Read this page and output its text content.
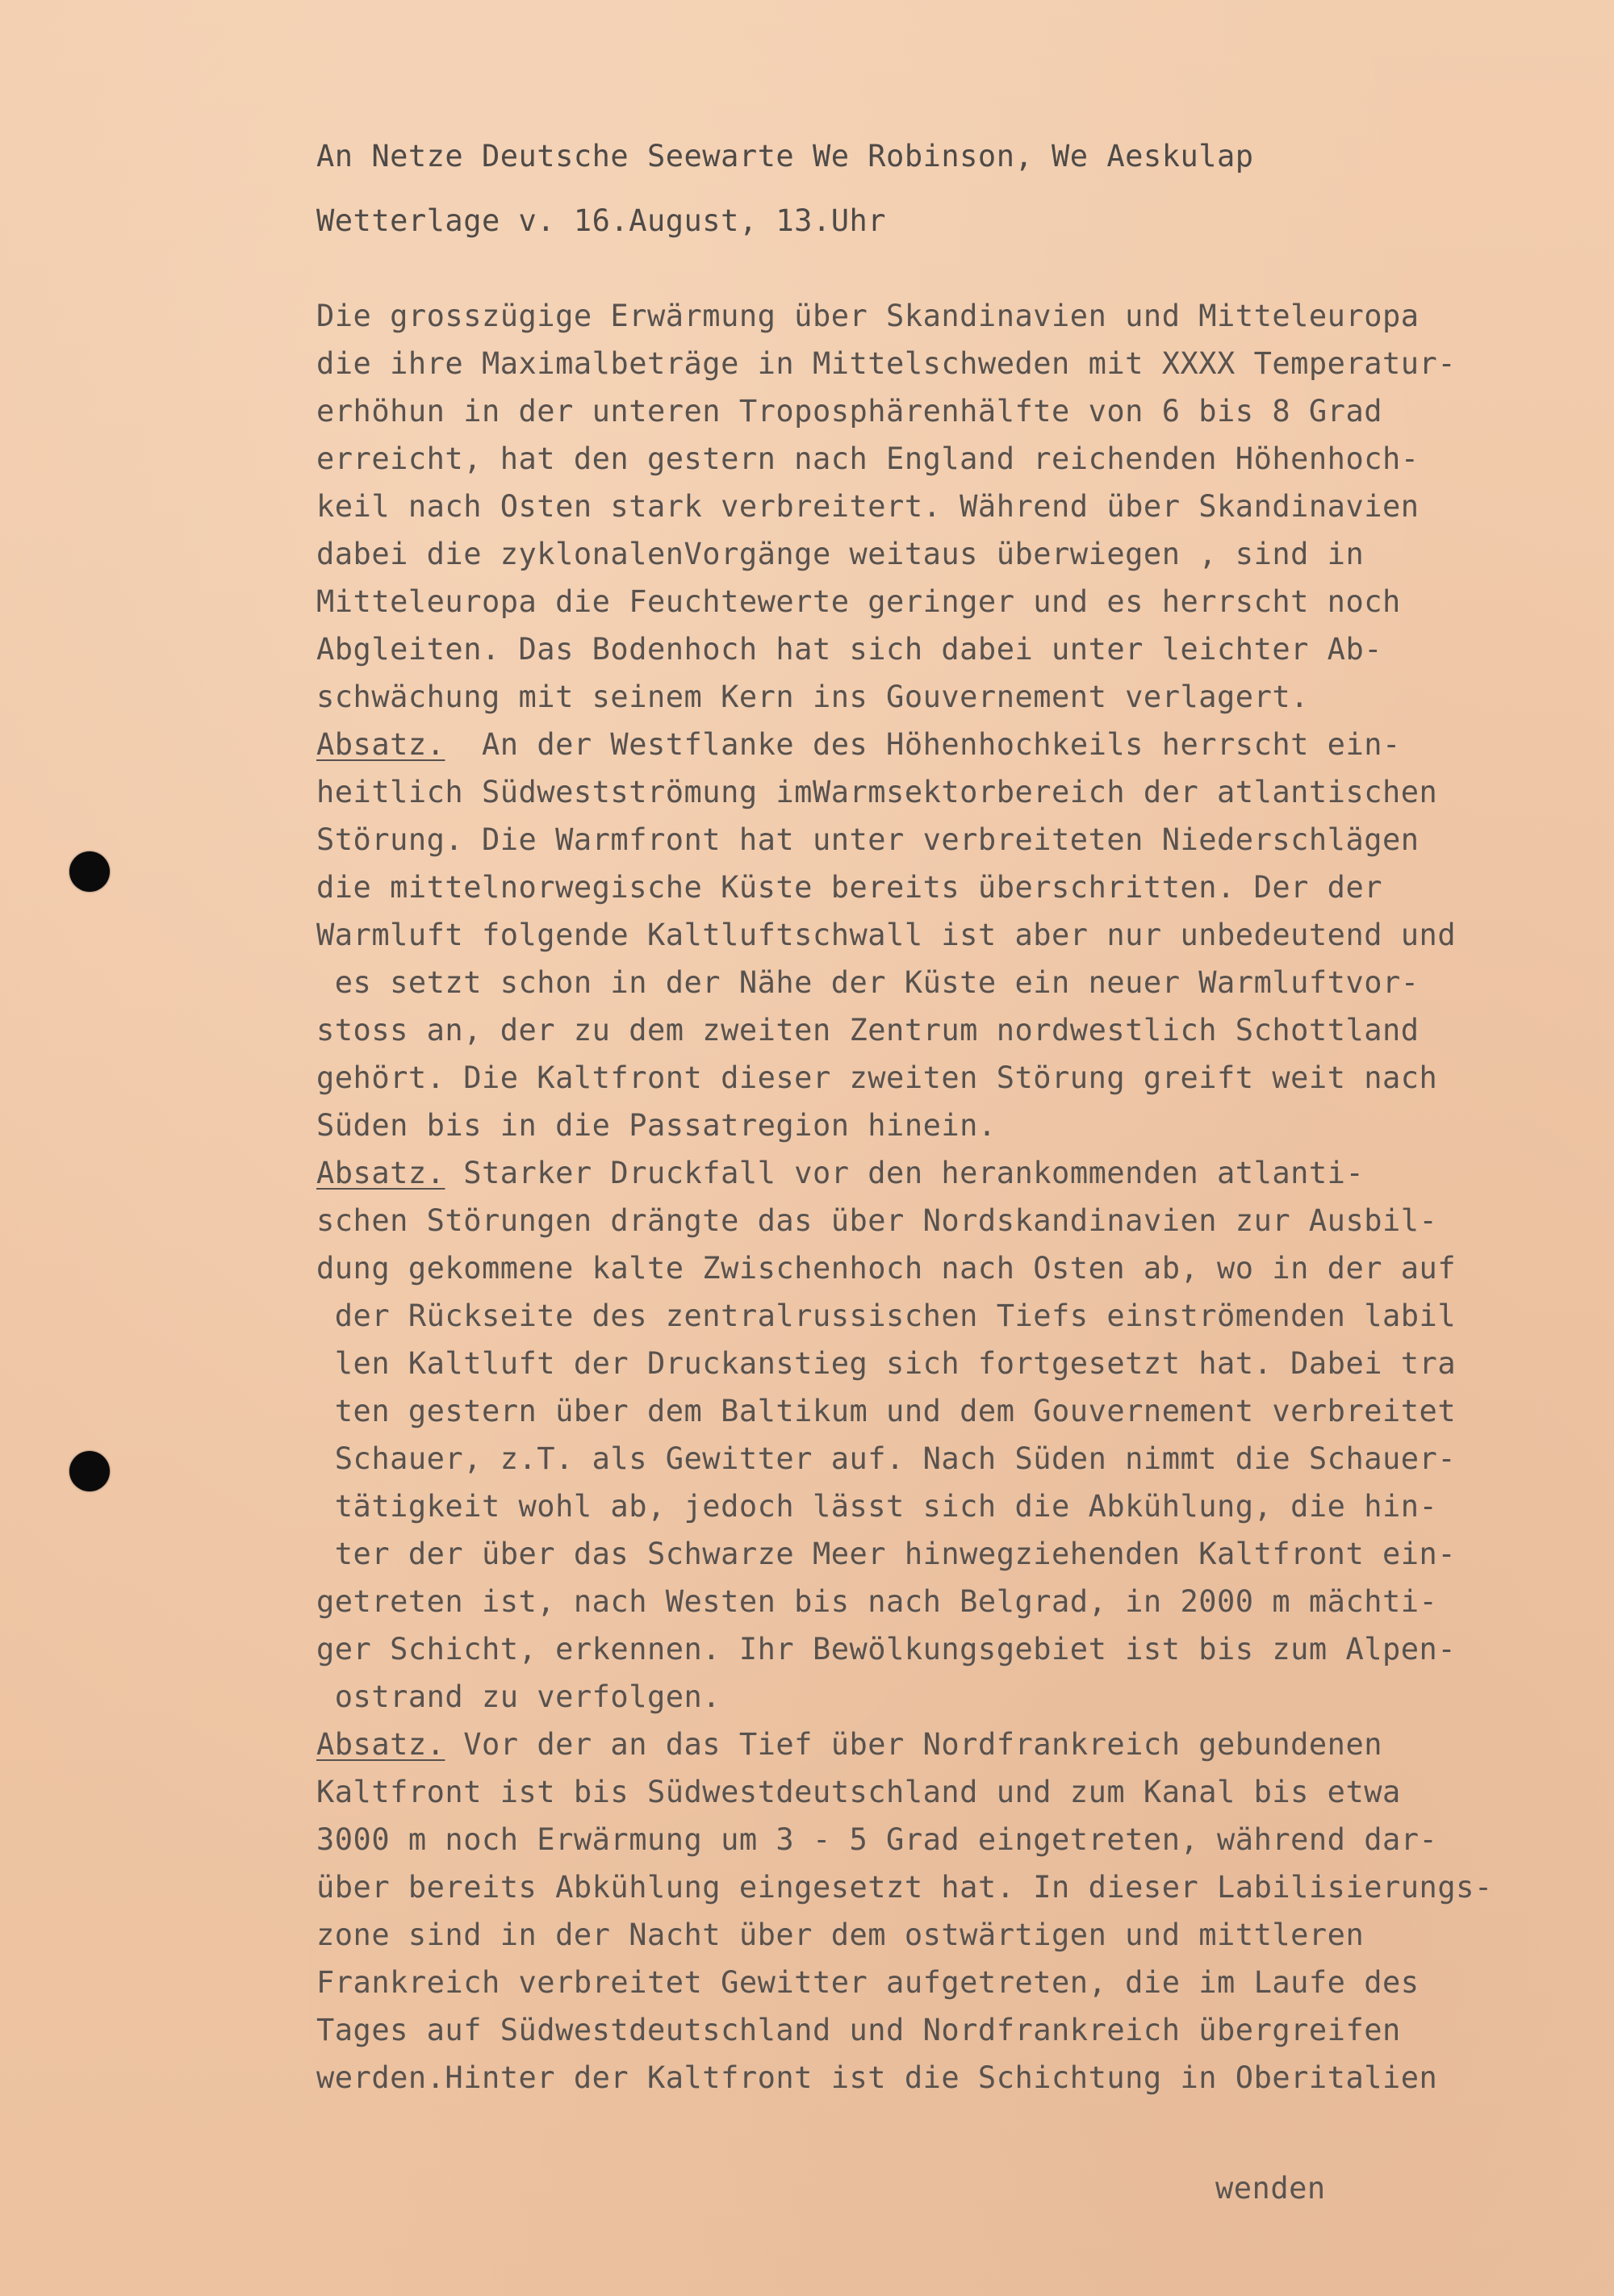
An Netze Deutsche Seewarte We Robinson, We Aeskulap
Wetterlage v. 16.August, 13.Uhr
Die grosszügige Erwärmung über Skandinavien und Mitteleuropa
die ihre Maximalbeträge in Mittelschweden mit XXXX Temperatur-
erhöhun in der unteren Troposphärenhälfte von 6 bis 8 Grad
erreicht, hat den gestern nach England reichenden Höhenhoch-
keil nach Osten stark verbreitert. Während über Skandinavien
dabei die zyklonalenVorgänge weitaus überwiegen , sind in
Mitteleuropa die Feuchtewerte geringer und es herrscht noch
Abgleiten. Das Bodenhoch hat sich dabei unter leichter Ab-
schwächung mit seinem Kern ins Gouvernement verlagert.
Absatz.  An der Westflanke des Höhenhochkeils herrscht ein-
heitlich Südwestströmung imWarmsektorbereich der atlantischen
Störung. Die Warmfront hat unter verbreiteten Niederschlägen
die mittelnorwegische Küste bereits überschritten. Der der
Warmluft folgende Kaltluftschwall ist aber nur unbedeutend und
es setzt schon in der Nähe der Küste ein neuer Warmluftvor-
stoss an, der zu dem zweiten Zentrum nordwestlich Schottland
gehört. Die Kaltfront dieser zweiten Störung greift weit nach
Süden bis in die Passatregion hinein.
Absatz. Starker Druckfall vor den herankommenden atlanti-
schen Störungen drängte das über Nordskandinavien zur Ausbil-
dung gekommene kalte Zwischenhoch nach Osten ab, wo in der auf
der Rückseite des zentralrussischen Tiefs einströmenden labil
len Kaltluft der Druckanstieg sich fortgesetzt hat. Dabei tra
ten gestern über dem Baltikum und dem Gouvernement verbreitet
Schauer, z.T. als Gewitter auf. Nach Süden nimmt die Schauer-
tätigkeit wohl ab, jedoch lässt sich die Abkühlung, die hin-
ter der über das Schwarze Meer hinwegziehenden Kaltfront ein-
getreten ist, nach Westen bis nach Belgrad, in 2000 m mächti-
ger Schicht, erkennen. Ihr Bewölkungsgebiet ist bis zum Alpen-
ostrand zu verfolgen.
Absatz. Vor der an das Tief über Nordfrankreich gebundenen
Kaltfront ist bis Südwestdeutschland und zum Kanal bis etwa
3000 m noch Erwärmung um 3 - 5 Grad eingetreten, während dar-
über bereits Abkühlung eingesetzt hat. In dieser Labilisierungs-
zone sind in der Nacht über dem ostwärtigen und mittleren
Frankreich verbreitet Gewitter aufgetreten, die im Laufe des
Tages auf Südwestdeutschland und Nordfrankreich übergreifen
werden.Hinter der Kaltfront ist die Schichtung in Oberitalien
wenden
